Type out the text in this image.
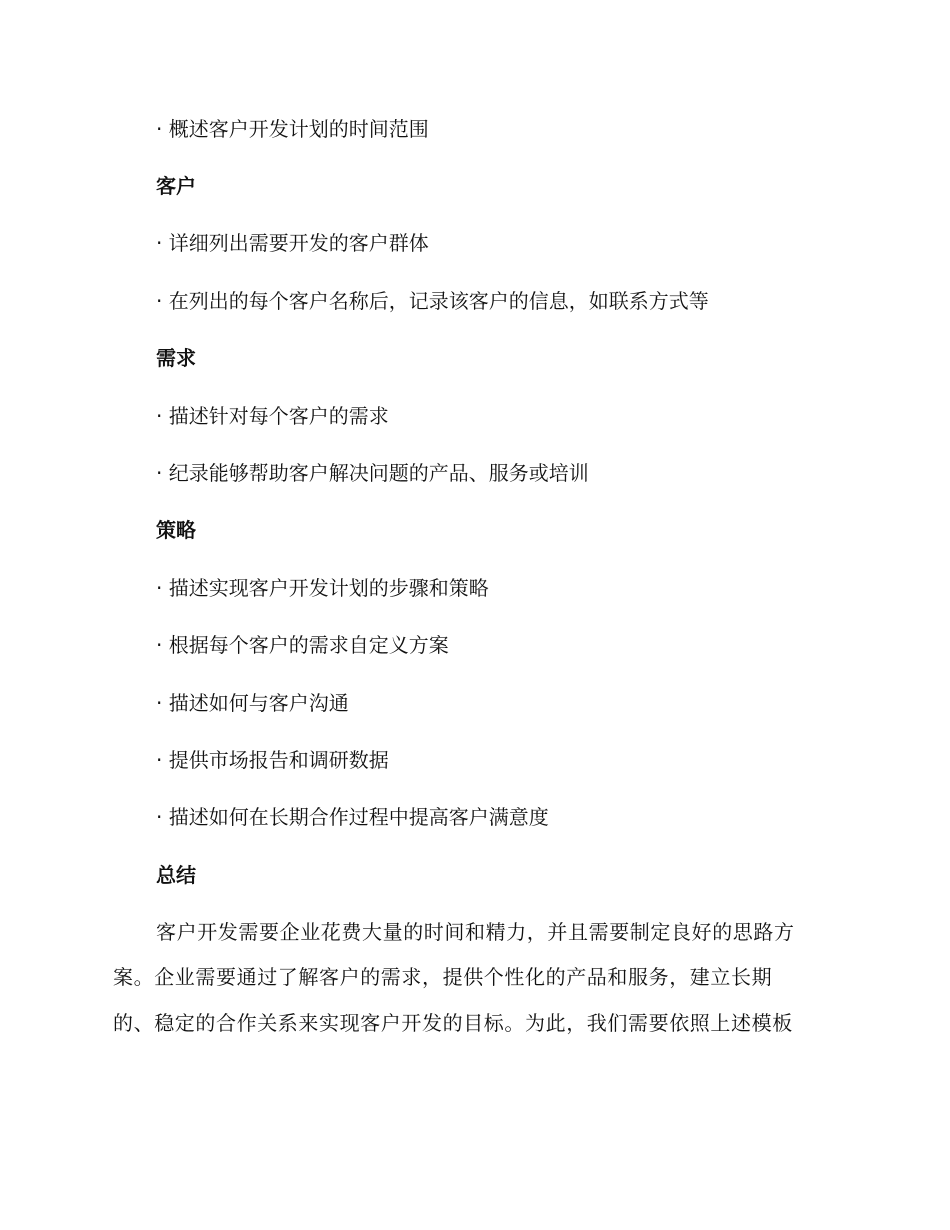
· 概述客户开发计划的时间范围
客户
· 详细列出需要开发的客户群体
· 在列出的每个客户名称后，记录该客户的信息，如联系方式等
需求
· 描述针对每个客户的需求
· 纪录能够帮助客户解决问题的产品、服务或培训
策略
· 描述实现客户开发计划的步骤和策略
· 根据每个客户的需求自定义方案
· 描述如何与客户沟通
· 提供市场报告和调研数据
· 描述如何在长期合作过程中提高客户满意度
总结
客户开发需要企业花费大量的时间和精力，并且需要制定良好的思路方
案。企业需要通过了解客户的需求，提供个性化的产品和服务，建立长期
的、稳定的合作关系来实现客户开发的目标。为此，我们需要依照上述模板
